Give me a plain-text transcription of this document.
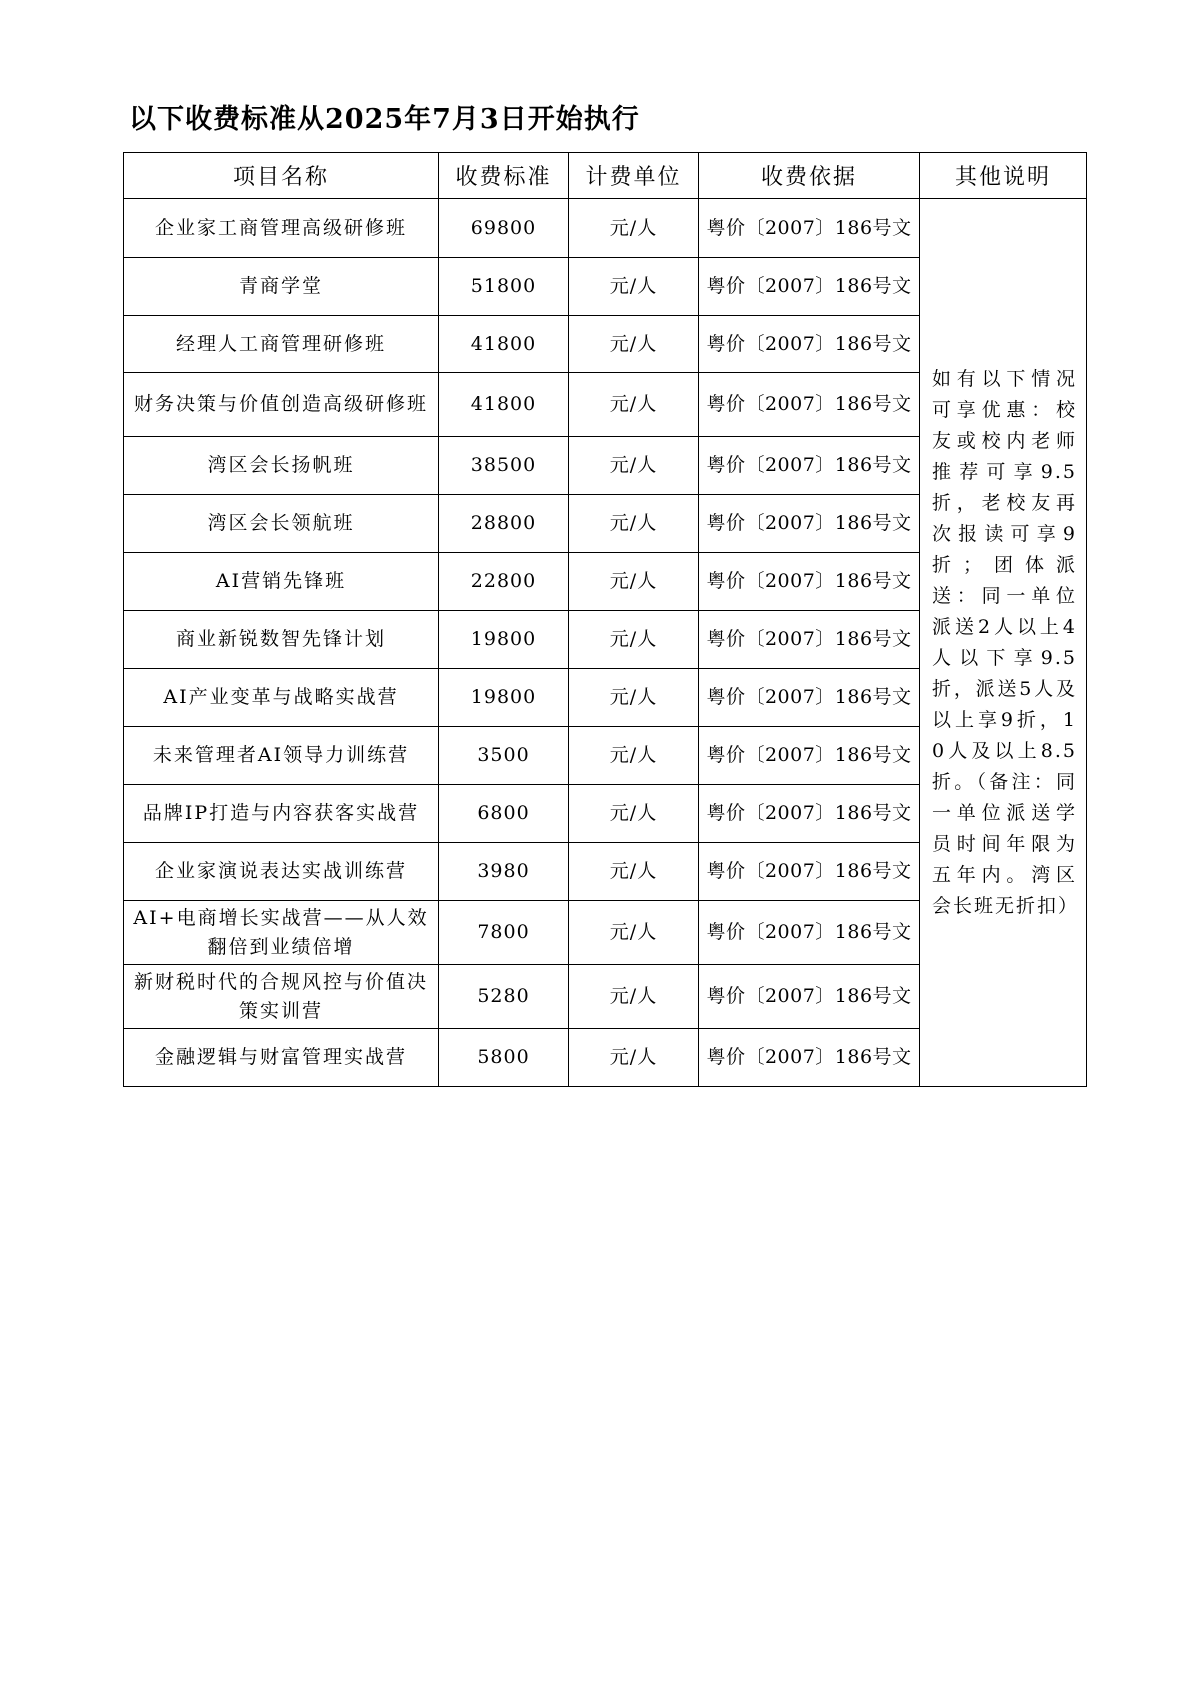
以下收费标准从2025年7月3日开始执行
项目名称	收费标准	计费单位	收费依据	其他说明
企业家工商管理高级研修班	69800	元/人	粤价〔2007〕186号文	如有以下情况可享优惠：校友或校内老师推荐可享9.5折，老校友再次报读可享9折；团体派送：同一单位派送2人以上4人以下享9.5折，派送5人及以上享9折，10人及以上8.5折。（备注：同一单位派送学员时间年限为五年内。湾区会长班无折扣）
青商学堂	51800	元/人	粤价〔2007〕186号文	
经理人工商管理研修班	41800	元/人	粤价〔2007〕186号文	
财务决策与价值创造高级研修班	41800	元/人	粤价〔2007〕186号文	
湾区会长扬帆班	38500	元/人	粤价〔2007〕186号文	
湾区会长领航班	28800	元/人	粤价〔2007〕186号文	
AI营销先锋班	22800	元/人	粤价〔2007〕186号文	
商业新锐数智先锋计划	19800	元/人	粤价〔2007〕186号文	
AI产业变革与战略实战营	19800	元/人	粤价〔2007〕186号文	
未来管理者AI领导力训练营	3500	元/人	粤价〔2007〕186号文	
品牌IP打造与内容获客实战营	6800	元/人	粤价〔2007〕186号文	
企业家演说表达实战训练营	3980	元/人	粤价〔2007〕186号文	
AI+电商增长实战营——从人效翻倍到业绩倍增	7800	元/人	粤价〔2007〕186号文	
新财税时代的合规风控与价值决策实训营	5280	元/人	粤价〔2007〕186号文	
金融逻辑与财富管理实战营	5800	元/人	粤价〔2007〕186号文	
